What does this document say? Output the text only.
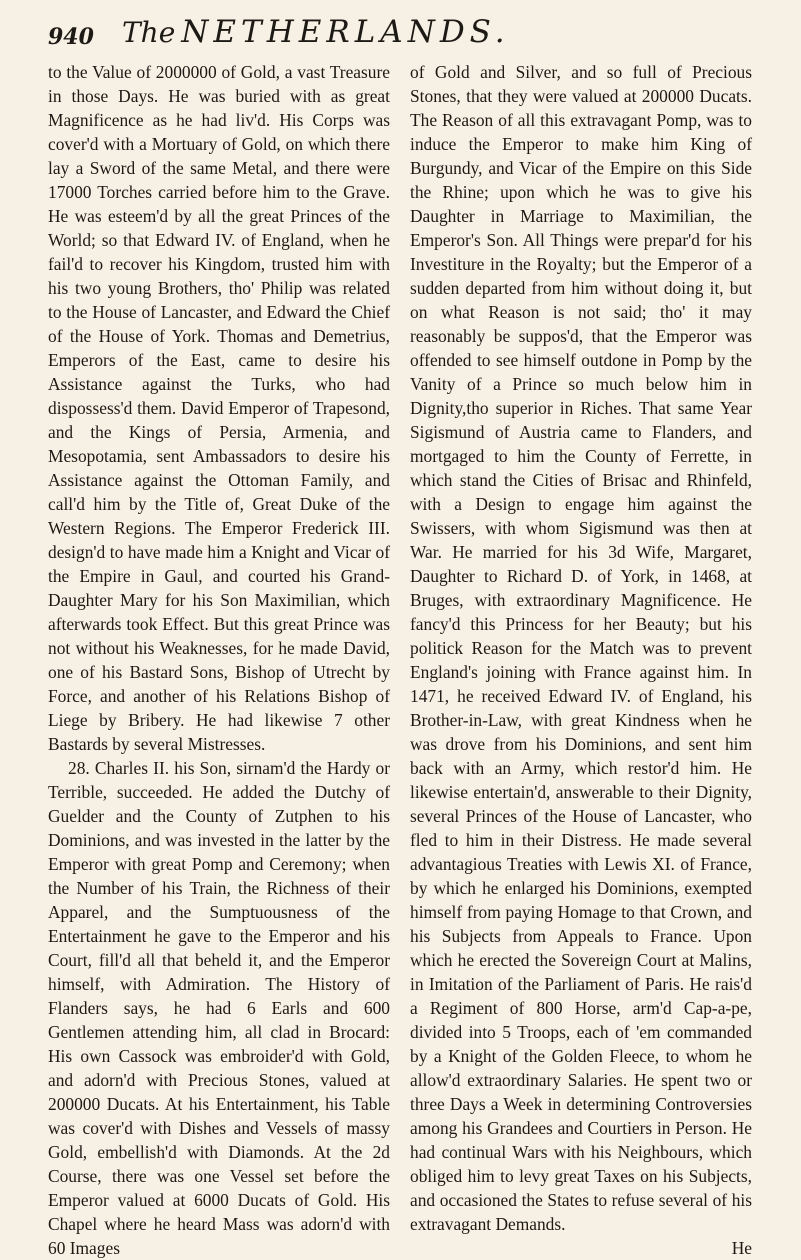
940 The NETHERLANDS.

to the Value of 2000000 of Gold, a vast Treasure in those Days. He was buried with as great Magnificence as he had liv'd. His Corps was cover'd with a Mortuary of Gold, on which there lay a Sword of the same Metal, and there were 17000 Torches carried before him to the Grave. He was esteem'd by all the great Princes of the World; so that Edward IV. of England, when he fail'd to recover his Kingdom, trusted him with his two young Brothers, tho' Philip was related to the House of Lancaster, and Edward the Chief of the House of York. Thomas and Demetrius, Emperors of the East, came to desire his Assistance against the Turks, who had dispossess'd them. David Emperor of Trapesond, and the Kings of Persia, Armenia, and Mesopotamia, sent Ambassadors to desire his Assistance against the Ottoman Family, and call'd him by the Title of, Great Duke of the Western Regions. The Emperor Frederick III. design'd to have made him a Knight and Vicar of the Empire in Gaul, and courted his Grand-Daughter Mary for his Son Maximilian, which afterwards took Effect. But this great Prince was not without his Weaknesses, for he made David, one of his Bastard Sons, Bishop of Utrecht by Force, and another of his Relations Bishop of Liege by Bribery. He had likewise 7 other Bastards by several Mistresses.

28. Charles II. his Son, sirnam'd the Hardy or Terrible, succeeded. He added the Dutchy of Guelder and the County of Zutphen to his Dominions, and was invested in the latter by the Emperor with great Pomp and Ceremony; when the Number of his Train, the Richness of their Apparel, and the Sumptuousness of the Entertainment he gave to the Emperor and his Court, fill'd all that beheld it, and the Emperor himself, with Admiration. The History of Flanders says, he had 6 Earls and 600 Gentlemen attending him, all clad in Brocard: His own Cassock was embroider'd with Gold, and adorn'd with Precious Stones, valued at 200000 Ducats. At his Entertainment, his Table was cover'd with Dishes and Vessels of massy Gold, embellish'd with Diamonds. At the 2d Course, there was one Vessel set before the Emperor valued at 6000 Ducats of Gold. His Chapel where he heard Mass was adorn'd with 60 Images

of Gold and Silver, and so full of Precious Stones, that they were valued at 200000 Ducats. The Reason of all this extravagant Pomp, was to induce the Emperor to make him King of Burgundy, and Vicar of the Empire on this Side the Rhine; upon which he was to give his Daughter in Marriage to Maximilian, the Emperor's Son. All Things were prepar'd for his Investiture in the Royalty; but the Emperor of a sudden departed from him without doing it, but on what Reason is not said; tho' it may reasonably be suppos'd, that the Emperor was offended to see himself outdone in Pomp by the Vanity of a Prince so much below him in Dignity,tho superior in Riches. That same Year Sigismund of Austria came to Flanders, and mortgaged to him the County of Ferrette, in which stand the Cities of Brisac and Rhinfeld, with a Design to engage him against the Swissers, with whom Sigismund was then at War. He married for his 3d Wife, Margaret, Daughter to Richard D. of York, in 1468, at Bruges, with extraordinary Magnificence. He fancy'd this Princess for her Beauty; but his politick Reason for the Match was to prevent England's joining with France against him. In 1471, he received Edward IV. of England, his Brother-in-Law, with great Kindness when he was drove from his Dominions, and sent him back with an Army, which restor'd him. He likewise entertain'd, answerable to their Dignity, several Princes of the House of Lancaster, who fled to him in their Distress. He made several advantagious Treaties with Lewis XI. of France, by which he enlarged his Dominions, exempted himself from paying Homage to that Crown, and his Subjects from Appeals to France. Upon which he erected the Sovereign Court at Malins, in Imitation of the Parliament of Paris. He rais'd a Regiment of 800 Horse, arm'd Cap-a-pe, divided into 5 Troops, each of 'em commanded by a Knight of the Golden Fleece, to whom he allow'd extraordinary Salaries. He spent two or three Days a Week in determining Controversies among his Grandees and Courtiers in Person. He had continual Wars with his Neighbours, which obliged him to levy great Taxes on his Subjects, and occasioned the States to refuse several of his extravagant Demands.

He
